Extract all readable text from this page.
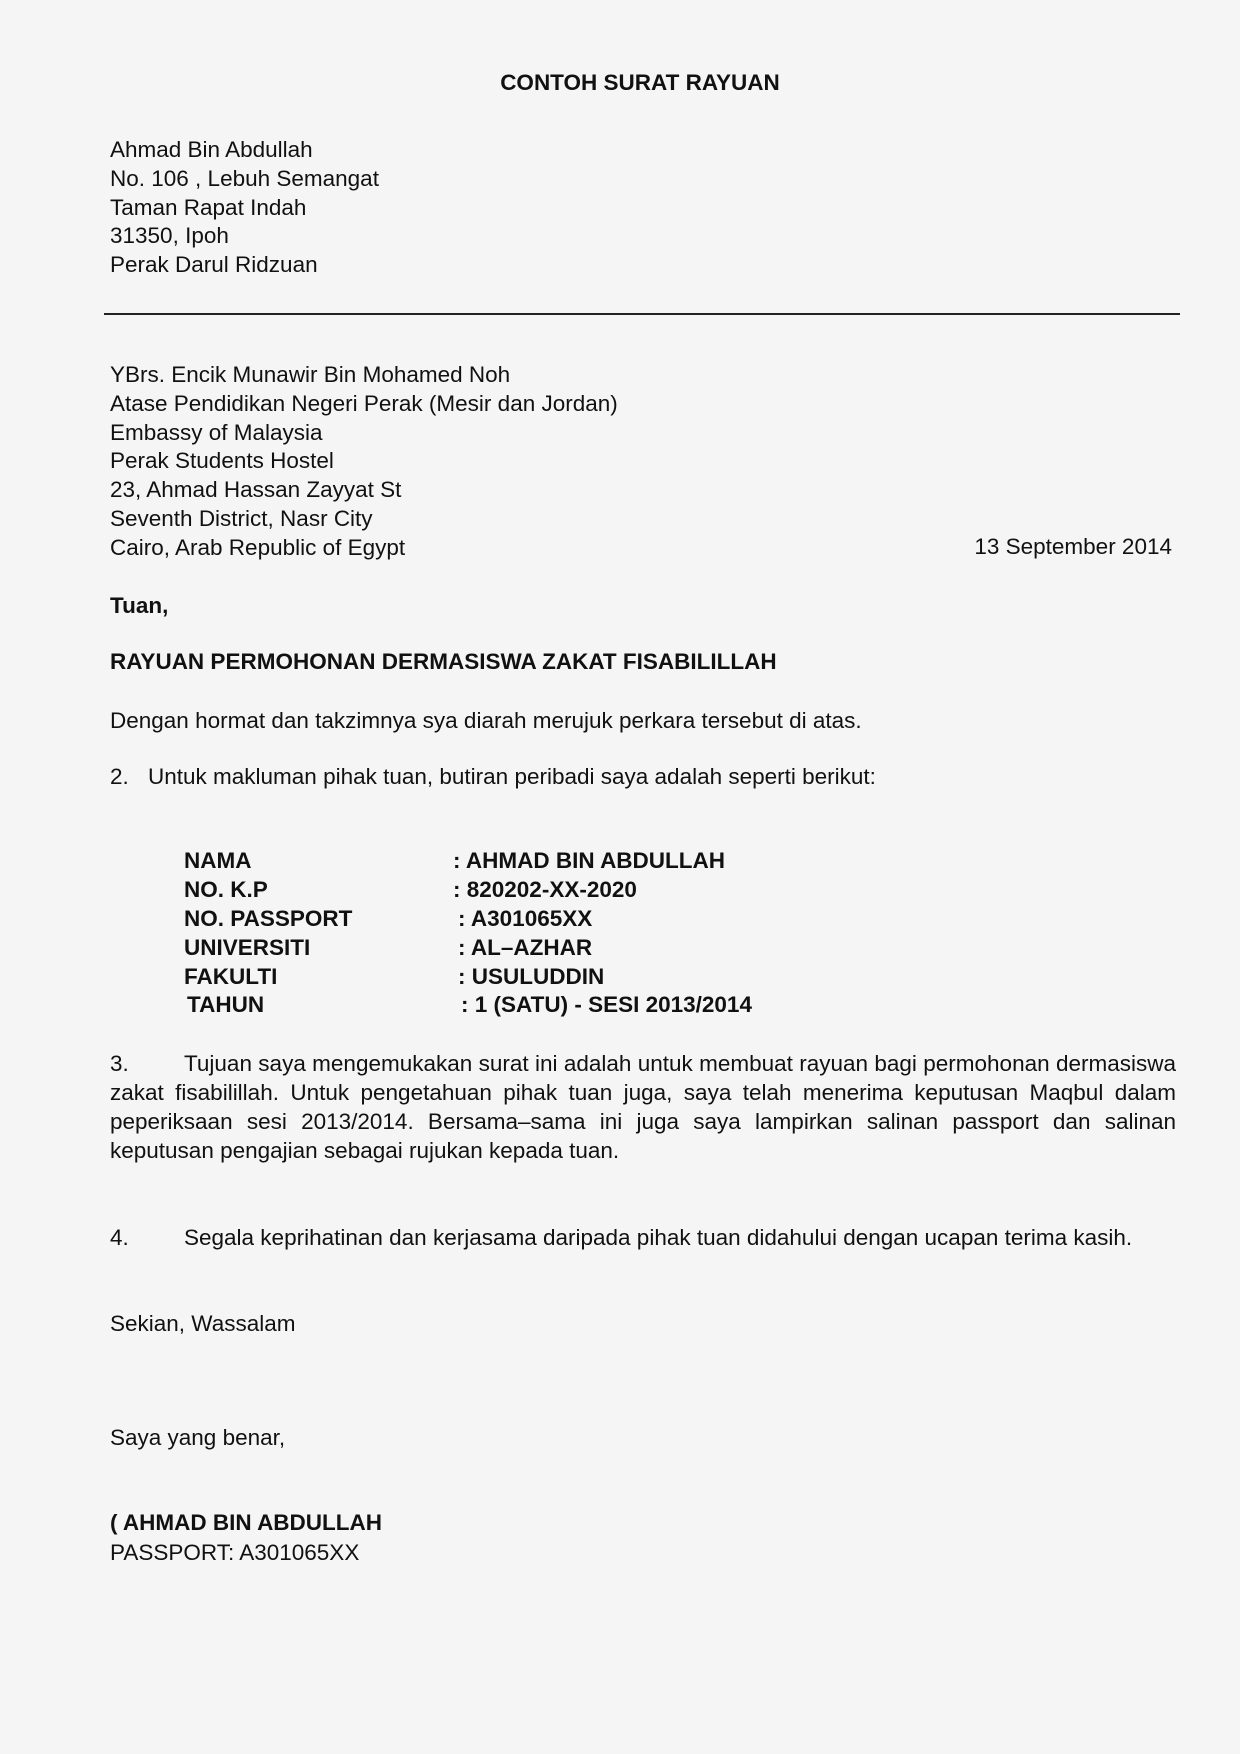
CONTOH SURAT RAYUAN
Ahmad Bin Abdullah
No. 106 , Lebuh Semangat
Taman Rapat Indah
31350, Ipoh
Perak Darul Ridzuan
YBrs. Encik Munawir Bin Mohamed Noh
Atase Pendidikan Negeri Perak (Mesir dan Jordan)
Embassy of Malaysia
Perak Students Hostel
23, Ahmad Hassan Zayyat St
Seventh District, Nasr City
Cairo, Arab Republic of Egypt	13 September 2014
Tuan,
RAYUAN PERMOHONAN DERMASISWA ZAKAT FISABILILLAH
Dengan hormat dan takzimnya sya diarah merujuk perkara tersebut di atas.
2. Untuk makluman pihak tuan, butiran peribadi saya adalah seperti berikut:
NAMA	: AHMAD BIN ABDULLAH
NO. K.P	: 820202-XX-2020
NO. PASSPORT	: A301065XX
UNIVERSITI	: AL–AZHAR
FAKULTI	: USULUDDIN
TAHUN	: 1 (SATU) - SESI 2013/2014
3. Tujuan saya mengemukakan surat ini adalah untuk membuat rayuan bagi permohonan dermasiswa zakat fisabilillah. Untuk pengetahuan pihak tuan juga, saya telah menerima keputusan Maqbul dalam peperiksaan sesi 2013/2014. Bersama–sama ini juga saya lampirkan salinan passport dan salinan keputusan pengajian sebagai rujukan kepada tuan.
4. Segala keprihatinan dan kerjasama daripada pihak tuan didahului dengan ucapan terima kasih.
Sekian, Wassalam
Saya yang benar,
( AHMAD BIN ABDULLAH
PASSPORT: A301065XX
